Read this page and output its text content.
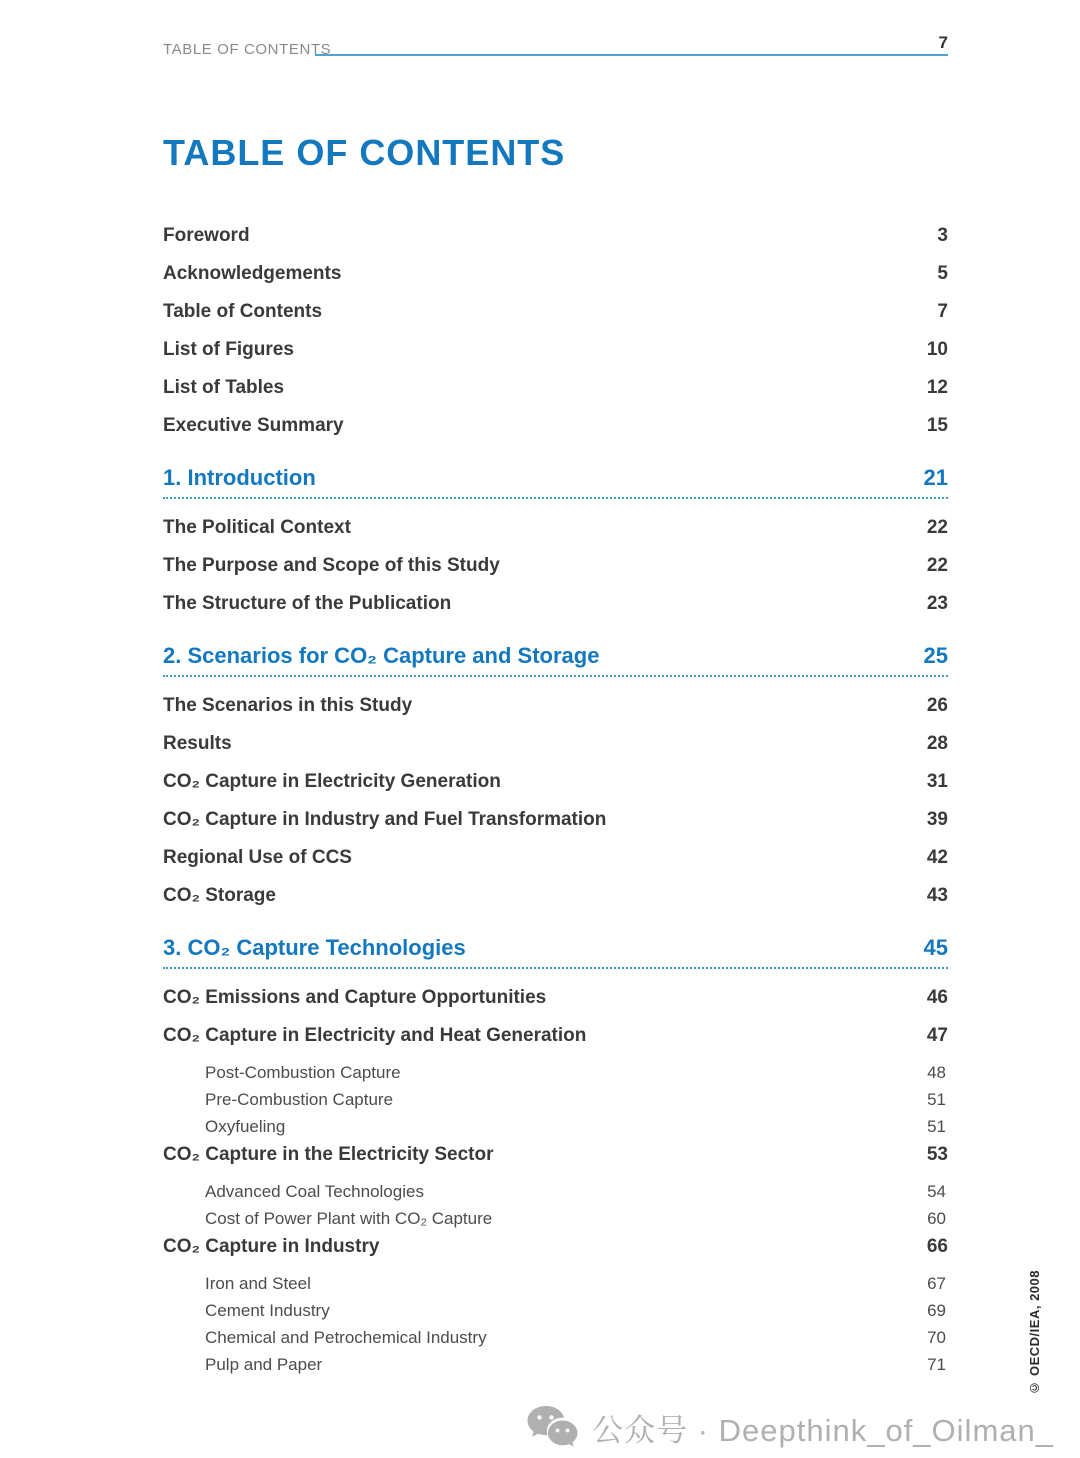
TABLE OF CONTENTS	7
TABLE OF CONTENTS
Foreword	3
Acknowledgements	5
Table of Contents	7
List of Figures	10
List of Tables	12
Executive Summary	15
1. Introduction	21
The Political Context	22
The Purpose and Scope of this Study	22
The Structure of the Publication	23
2. Scenarios for CO₂ Capture and Storage	25
The Scenarios in this Study	26
Results	28
CO₂ Capture in Electricity Generation	31
CO₂ Capture in Industry and Fuel Transformation	39
Regional Use of CCS	42
CO₂ Storage	43
3. CO₂ Capture Technologies	45
CO₂ Emissions and Capture Opportunities	46
CO₂ Capture in Electricity and Heat Generation	47
Post-Combustion Capture	48
Pre-Combustion Capture	51
Oxyfueling	51
CO₂ Capture in the Electricity Sector	53
Advanced Coal Technologies	54
Cost of Power Plant with CO₂ Capture	60
CO₂ Capture in Industry	66
Iron and Steel	67
Cement Industry	69
Chemical and Petrochemical Industry	70
Pulp and Paper	71	© OECD/IEA, 2008
公众号 · Deepthink_of_Oilman_
